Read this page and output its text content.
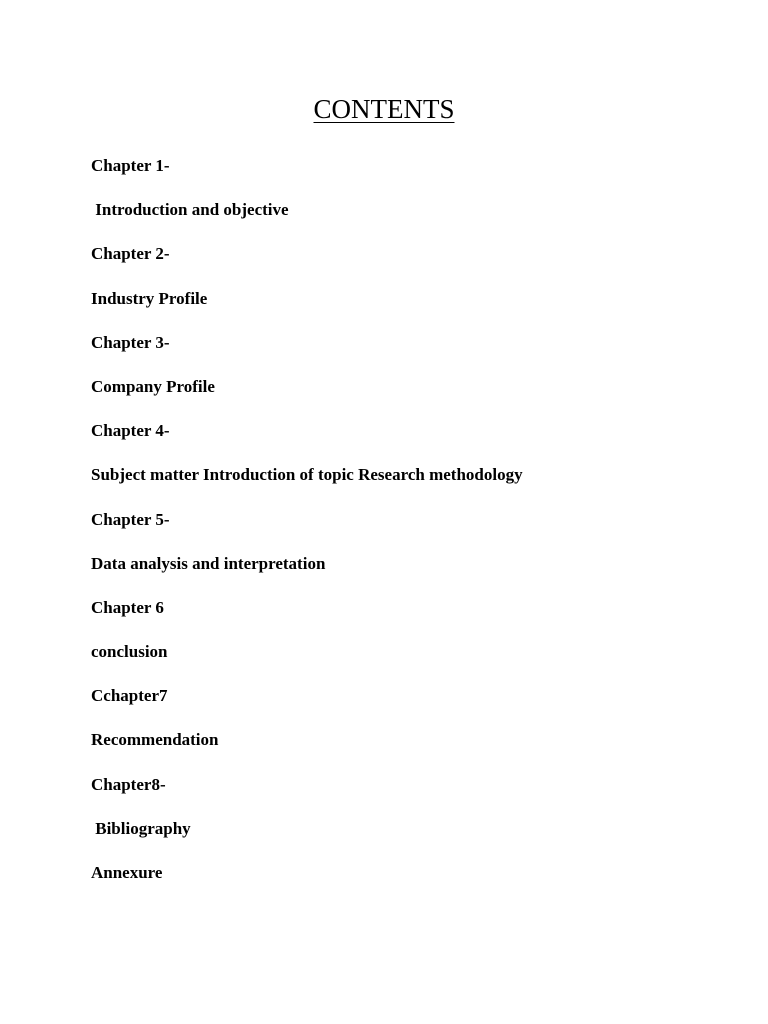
CONTENTS
Chapter 1-
Introduction and objective
Chapter 2-
Industry Profile
Chapter 3-
Company Profile
Chapter 4-
Subject matter Introduction of topic Research methodology
Chapter 5-
Data analysis and interpretation
Chapter 6
conclusion
Cchapter7
Recommendation
Chapter8-
Bibliography
Annexure
